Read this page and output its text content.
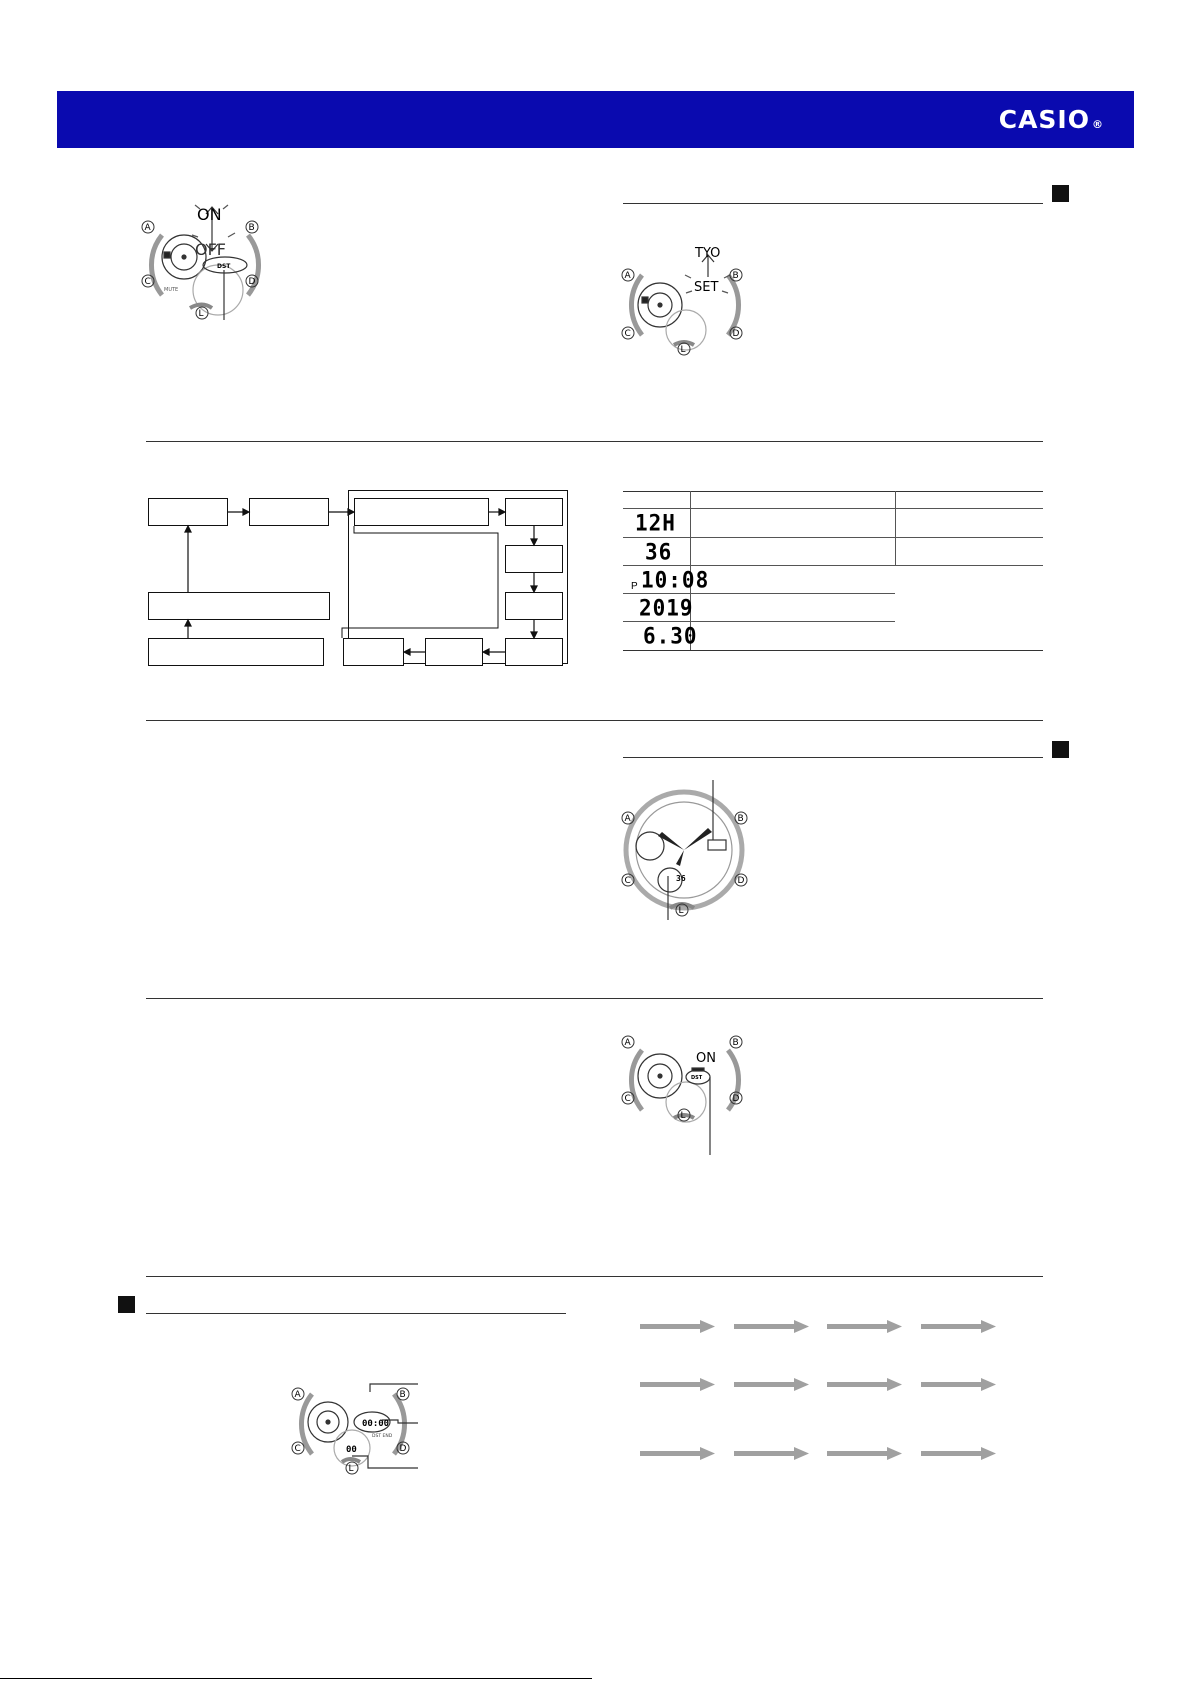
CASIO ®
A	B
C	D
L
ON
OFF
DST
MUTE
A	B
C	D
L
TYO
SET
12H
36
P 10:08
2019
6.30
A	B
C	D
L
36
A	B
C	D
L
ON
DST
A	B
C	D
L
00:00
DST END
00
